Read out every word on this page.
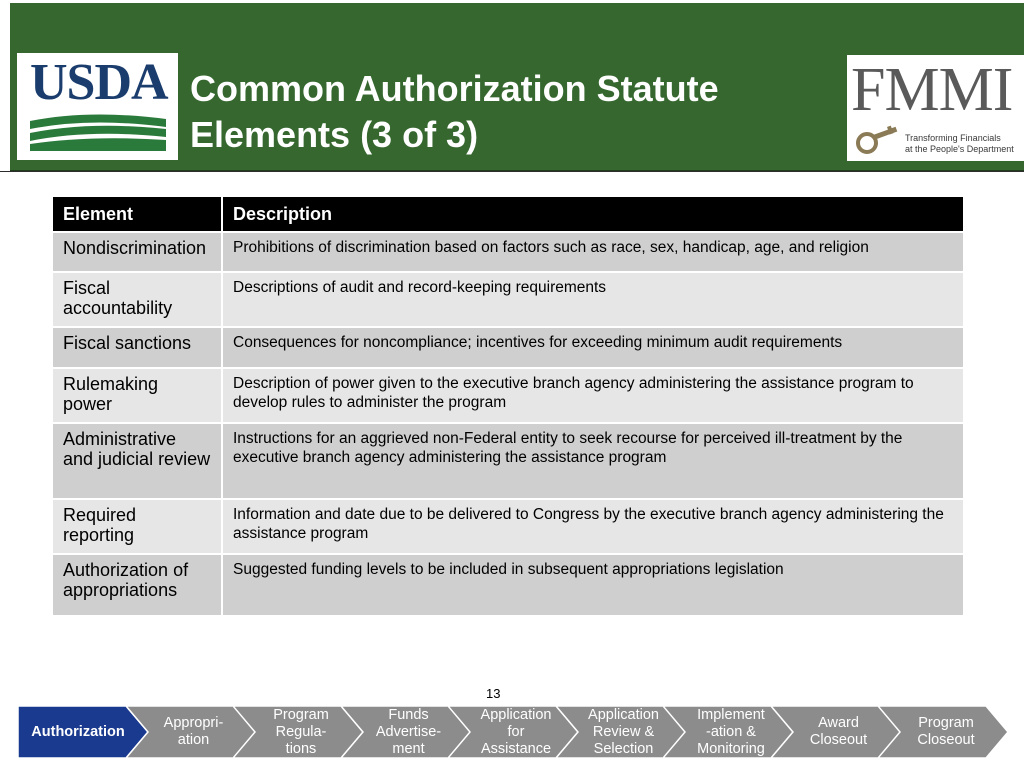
USDA Common Authorization Statute
Elements (3 of 3)
FMMI
Transforming Financials
at the People's Department
Element	Description
Nondiscrimination	Prohibitions of discrimination based on factors such as race, sex, handicap, age, and religion
Fiscal accountability	Descriptions of audit and record-keeping requirements
Fiscal sanctions	Consequences for noncompliance; incentives for exceeding minimum audit requirements
Rulemaking power	Description of power given to the executive branch agency administering the assistance program to develop rules to administer the program
Administrative and judicial review	Instructions for an aggrieved non-Federal entity to seek recourse for perceived ill-treatment by the executive branch agency administering the assistance program
Required reporting	Information and date due to be delivered to Congress by the executive branch agency administering the assistance program
Authorization of appropriations	Suggested funding levels to be included in subsequent appropriations legislation
13
Authorization
Appropri-
ation
Program
Regula-
tions
Funds
Advertise-
ment
Application
for
Assistance
Application
Review &
Selection
Implement
-ation &
Monitoring
Award
Closeout
Program
Closeout
